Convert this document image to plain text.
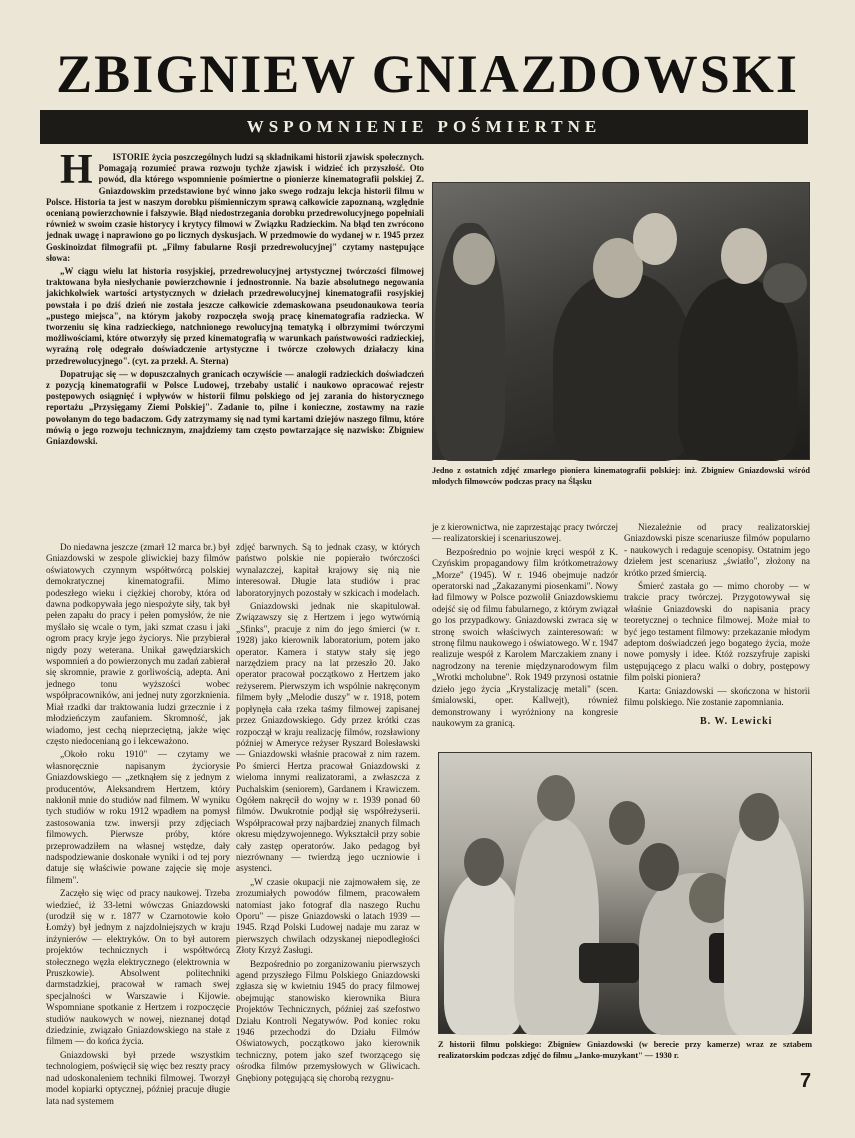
ZBIGNIEW GNIAZDOWSKI
WSPOMNIENIE POŚMIERTNE

H ISTORIE życia poszczególnych ludzi są składnikami historii zjawisk społecznych. Pomagają rozumieć prawa rozwoju tychże zjawisk i widzieć ich przyszłość. Oto powód, dla którego wspomnienie pośmiertne o pionierze kinematografii polskiej Z. Gniazdowskim przedstawione być winno jako swego rodzaju lekcja historii filmu w Polsce. Historia ta jest w naszym dorobku piśmienniczym sprawą całkowicie zapoznaną, względnie ocenianą powierzchownie i fałszywie. Błąd niedostrzegania dorobku przedrewolucyjnego popełniali również w swoim czasie historycy i krytycy filmowi w Związku Radzieckim. Na błąd ten zwrócono jednak uwagę i naprawiono go po licznych dyskusjach. W przedmowie do wydanej w r. 1945 przez Goskinoizdat filmografii pt. „Filmy fabularne Rosji przedrewolucyjnej" czytamy następujące słowa:

„W ciągu wielu lat historia rosyjskiej, przedrewolucyjnej artystycznej twórczości filmowej traktowana była niesłychanie powierzchownie i jednostronnie. Na bazie absolutnego negowania jakichkolwiek wartości artystycznych w dziełach przedrewolucyjnej kinematografii rosyjskiej powstała i po dziś dzień nie została jeszcze całkowicie zdemaskowana pseudonaukowa teoria „pustego miejsca", na którym jakoby rozpoczęła swoją pracę kinematografia radziecka. W tworzeniu się kina radzieckiego, natchnionego rewolucyjną tematyką i olbrzymimi twórczymi możliwościami, które otworzyły się przed kinematografią w warunkach państwowości radzieckiej, wyraźną rolę odegrało doświadczenie artystyczne i twórcze czołowych działaczy kina przedrewolucyjnego". (cyt. za przekł. A. Sterna)

Dopatrując się — w dopuszczalnych granicach oczywiście — analogii radzieckich doświadczeń z pozycją kinematografii w Polsce Ludowej, trzebaby ustalić i naukowo opracować rejestr postępowych osiągnięć i wpływów w historii filmu polskiego od jej zarania do historycznego reportażu „Przysięgamy Ziemi Polskiej". Zadanie to, pilne i konieczne, zostawmy na razie powołanym do tego badaczom. Gdy zatrzymamy się nad tymi kartami dziejów naszego filmu, które mówią o jego rozwoju technicznym, znajdziemy tam często powtarzające się nazwisko: Zbigniew Gniazdowski.

Jedno z ostatnich zdjęć zmarłego pioniera kinematografii polskiej: inż. Zbigniew Gniazdowski wśród młodych filmowców podczas pracy na Śląsku

Do niedawna jeszcze (zmarł 12 marca br.) był Gniazdowski w zespole gliwickiej bazy filmów oświatowych czynnym współtwórcą polskiej demokratycznej kinematografii. Mimo podeszłego wieku i ciężkiej choroby, która od dawna podkopywała jego niespożyte siły, tak był pełen zapału do pracy i pełen pomysłów, że nie myślało się wcale o tym, jaki szmat czasu i jaki ogrom pracy kryje jego życiorys. Nie przybierał nigdy pozy weterana. Unikał gawędziarskich wspomnień a do powierzonych mu zadań zabierał się skromnie, prawie z gorliwością, adepta. Ani jednego tonu wyższości wobec współpracowników, ani jednej nuty zgorzknienia. Miał rzadki dar traktowania ludzi grzecznie i z młodzieńczym zaufaniem. Skromność, jak wiadomo, jest cechą nieprzeciętną, jakże więc często niedocenianą go i lekceważono.

„Około roku 1910" — czytamy we własnoręcznie napisanym życiorysie Gniazdowskiego — „zetknąłem się z jednym z producentów, Aleksandrem Hertzem, który nakłonił mnie do studiów nad filmem. W wyniku tych studiów w roku 1912 wpadłem na pomysł zastosowania tzw. inwersji przy zdjęciach filmowych. Pierwsze próby, które przeprowadziłem na własnej wstędze, dały nadspodziewanie doskonałe wyniki i od tej pory datuje się właściwie powane zajęcie się moje filmem".

Zaczęło się więc od pracy naukowej. Trzeba wiedzieć, iż 33-letni wówczas Gniazdowski (urodził się w r. 1877 w Czarnotowie koło Łomży) był jednym z najzdolniejszych w kraju inżynierów — elektryków. On to był autorem projektów technicznych i współtwórcą stołecznego węzła elektrycznego (elektrownia w Pruszkowie). Absolwent politechniki darmstadzkiej, pracował w ramach swej specjalności w Warszawie i Kijowie. Wspomniane spotkanie z Hertzem i rozpoczęcie studiów naukowych w nowej, nieznanej dotąd dziedzinie, związało Gniazdowskiego na stałe z filmem — do końca życia.

Gniazdowski był przede wszystkim technologiem, poświęcił się więc bez reszty pracy nad udoskonaleniem techniki filmowej. Tworzył model kopiarki optycznej, później pracuje długie lata nad systemem

zdjęć barwnych. Są to jednak czasy, w których państwo polskie nie popierało twórczości wynalazczej, kapitał krajowy się nią nie interesował. Długie lata studiów i prac laboratoryjnych pozostały w szkicach i modelach.

Gniazdowski jednak nie skapitulował. Związawszy się z Hertzem i jego wytwórnią „Sfinks", pracuje z nim do jego śmierci (w r. 1928) jako kierownik laboratorium, potem jako operator. Kamera i statyw stały się jego narzędziem pracy na lat przeszło 20. Jako operator pracował początkowo z Hertzem jako reżyserem. Pierwszym ich wspólnie nakręconym filmem były „Melodie duszy" w r. 1918, potem popłynęła cała rzeka taśmy filmowej zapisanej przez Gniazdowskiego. Gdy przez krótki czas rozpoczął w kraju realizację filmów, rozsławiony później w Ameryce reżyser Ryszard Bolesławski — Gniazdowski właśnie pracował z nim razem. Po śmierci Hertza pracował Gniazdowski z wieloma innymi realizatorami, a zwłaszcza z Puchalskim (seniorem), Gardanem i Krawiczem. Ogółem nakręcił do wojny w r. 1939 ponad 60 filmów. Dwukrotnie podjął się współreżyserii. Współpracował przy najbardziej znanych filmach okresu międzywojennego. Wykształcił przy sobie cały zastęp operatorów. Jako pedagog był niezrównany — twierdzą jego uczniowie i asystenci.

„W czasie okupacji nie zajmowałem się, ze zrozumiałych powodów filmem, pracowałem natomiast jako fotograf dla naszego Ruchu Oporu" — pisze Gniazdowski o latach 1939 — 1945. Rząd Polski Ludowej nadaje mu zaraz w pierwszych chwilach odzyskanej niepodległości Złoty Krzyż Zasługi.

Bezpośrednio po zorganizowaniu pierwszych agend przyszłego Filmu Polskiego Gniazdowski zgłasza się w kwietniu 1945 do pracy filmowej obejmując stanowisko kierownika Biura Projektów Technicznych, później zaś szefostwo Działu Kontroli Negatywów. Pod koniec roku 1946 przechodzi do Działu Filmów Oświatowych, początkowo jako kierownik techniczny, potem jako szef tworzącego się ośrodka filmów przemysłowych w Gliwicach. Gnębiony potęgującą się chorobą rezygnu-

je z kierownictwa, nie zaprzestając pracy twórczej — realizatorskiej i scenariuszowej.

Bezpośrednio po wojnie kręci wespół z K. Czyńskim propagandowy film krótkometrażowy „Morze" (1945). W r. 1946 obejmuje nadzór operatorski nad „Zakazanymi piosenkami". Nowy ład filmowy w Polsce pozwolił Gniazdowskiemu odejść się od filmu fabularnego, z którym związał go los przypadkowy. Gniazdowski zwraca się w stronę swoich właściwych zainteresowań: w stronę filmu naukowego i oświatowego. W r. 1947 realizuje wespół z Karolem Marczakiem znany i nagrodzony na terenie międzynarodowym film „Wrotki mcholubne". Rok 1949 przynosi ostatnie dzieło jego życia „Krystalizację metali" (scen. śmialowski, oper. Kallwejt), również demonstrowany i wyróżniony na kongresie naukowym za granicą.

Niezależnie od pracy realizatorskiej Gniazdowski pisze scenariusze filmów popularno - naukowych i redaguje scenopisy. Ostatnim jego dziełem jest scenariusz „światło", złożony na krótko przed śmiercią.

Śmierć zastała go — mimo choroby — w trakcie pracy twórczej. Przygotowywał się właśnie Gniazdowski do napisania pracy teoretycznej o technice filmowej. Może miał to być jego testament filmowy: przekazanie młodym adeptom doświadczeń jego bogatego życia, może nowe pomysły i idee. Któż rozszyfruje zapiski ustępującego z placu walki o dobry, postępowy film polski pioniera?

Karta: Gniazdowski — skończona w historii filmu polskiego. Nie zostanie zapomniania.

B. W. Lewicki

Z historii filmu polskiego: Zbigniew Gniazdowski (w berecie przy kamerze) wraz ze sztabem realizatorskim podczas zdjęć do filmu „Janko-muzykant" — 1930 r.

7
